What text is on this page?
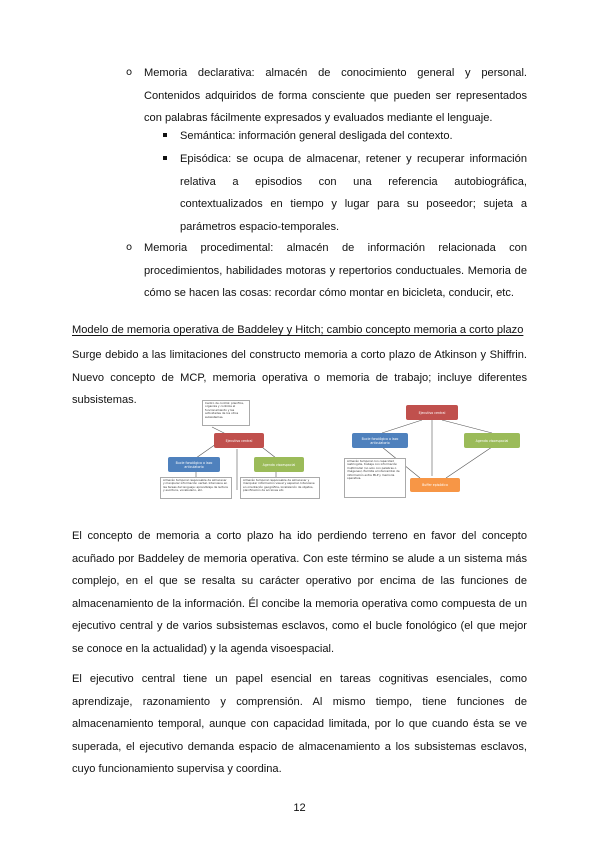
o Memoria declarativa: almacén de conocimiento general y personal. Contenidos adquiridos de forma consciente que pueden ser representados con palabras fácilmente expresados y evaluados mediante el lenguaje.
Semántica: información general desligada del contexto.
Episódica: se ocupa de almacenar, retener y recuperar información relativa a episodios con una referencia autobiográfica, contextualizados en tiempo y lugar para su poseedor; sujeta a parámetros espacio-temporales.
o Memoria procedimental: almacén de información relacionada con procedimientos, habilidades motoras y repertorios conductuales. Memoria de cómo se hacen las cosas: recordar cómo montar en bicicleta, conducir, etc.
Modelo de memoria operativa de Baddeley y Hitch; cambio concepto memoria a corto plazo
Surge debido a las limitaciones del constructo memoria a corto plazo de Atkinson y Shiffrin. Nuevo concepto de MCP, memoria operativa o memoria de trabajo; incluye diferentes subsistemas.	Centro de control: planifica, organiza y controla el funcionamiento y las actividades de los otros subsistemas.
Ejecutivo central
Bucle fonológico o lazo articulatorio	Agenda visoespacial
Almacén temporal responsable de almacenar y manipular información verbal. Interviene en las tareas del lenguaje: aprendizaje de lectura y escritura, vocabulario, etc.
Almacén temporal responsable de almacenar y manipular información visual y espacial. Interviene en orientación geográfica, localización de objetos, planificación de acciones etc.
Ejecutivo central
Bucle fonológico o lazo articulatorio	Agenda visoespacial
Almacén temporal con capacidad restringida, trabaja con información multimodal (no solo con palabras o imágenes). Permite el intercambio de información entre MLP y memoria operativa.
Buffer episódico
El concepto de memoria a corto plazo ha ido perdiendo terreno en favor del concepto acuñado por Baddeley de memoria operativa. Con este término se alude a un sistema más complejo, en el que se resalta su carácter operativo por encima de las funciones de almacenamiento de la información. Él concibe la memoria operativa como compuesta de un ejecutivo central y de varios subsistemas esclavos, como el bucle fonológico (el que mejor se conoce en la actualidad) y la agenda visoespacial.
El ejecutivo central tiene un papel esencial en tareas cognitivas esenciales, como aprendizaje, razonamiento y comprensión. Al mismo tiempo, tiene funciones de almacenamiento temporal, aunque con capacidad limitada, por lo que cuando ésta se ve superada, el ejecutivo demanda espacio de almacenamiento a los subsistemas esclavos, cuyo funcionamiento supervisa y coordina.
12
